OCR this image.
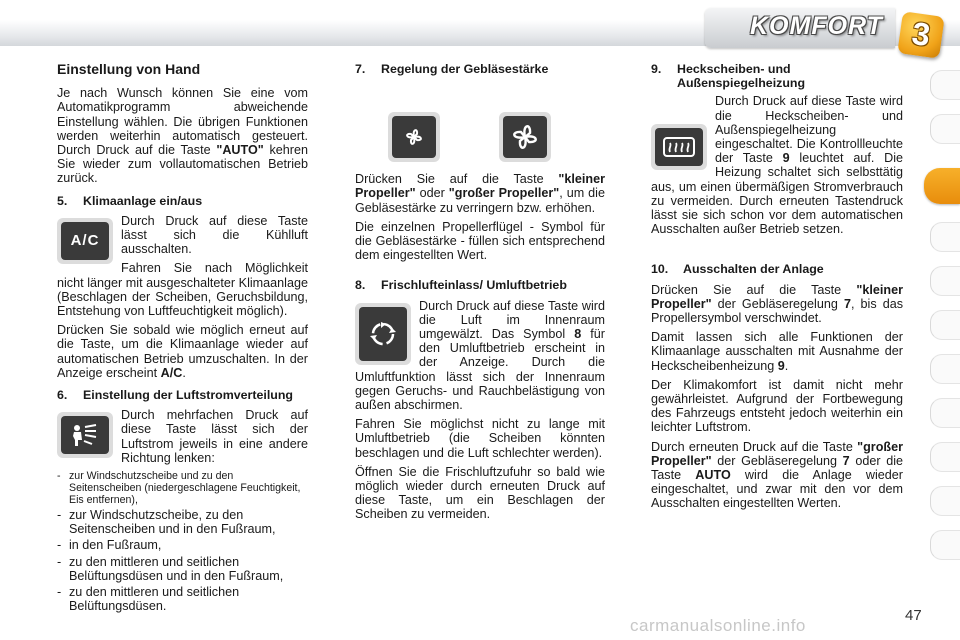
KOMFORT 3
Einstellung von Hand

Je nach Wunsch können Sie eine vom Automatikprogramm abweichende Einstellung wählen. Die übrigen Funktionen werden weiterhin automatisch gesteuert. Durch Druck auf die Taste "AUTO" kehren Sie wieder zum vollautomatischen Betrieb zurück.

5.	Klimaanlage ein/aus
A/C

Durch Druck auf diese Taste lässt sich die Kühlluft ausschalten.

Fahren Sie nach Möglichkeit nicht länger mit ausgeschalteter Klimaanlage (Beschlagen der Scheiben, Geruchsbildung, Entstehung von Luftfeuchtigkeit möglich).

Drücken Sie sobald wie möglich erneut auf die Taste, um die Klimaanlage wieder auf automatischen Betrieb umzuschalten. In der Anzeige erscheint A/C.

6.	Einstellung der Luftstromverteilung

Durch mehrfachen Druck auf diese Taste lässt sich der Luftstrom jeweils in eine andere Richtung lenken:

- zur Windschutzscheibe und zu den Seitenscheiben (niedergeschlagene Feuchtigkeit, Eis entfernen),
- zur Windschutzscheibe, zu den Seitenscheiben und in den Fußraum,
- in den Fußraum,
- zu den mittleren und seitlichen Belüftungsdüsen und in den Fußraum,
- zu den mittleren und seitlichen Belüftungsdüsen.
7.	Regelung der Gebläsestärke

Drücken Sie auf die Taste "kleiner Propeller" oder "großer Propeller", um die Gebläsestärke zu verringern bzw. erhöhen.

Die einzelnen Propellerflügel - Symbol für die Gebläsestärke - füllen sich entsprechend dem eingestellten Wert.

8.	Frischlufteinlass/ Umluftbetrieb

Durch Druck auf diese Taste wird die Luft im Innenraum umgewälzt. Das Symbol 8 für den Umluftbetrieb erscheint in der Anzeige. Durch die Umluftfunktion lässt sich der Innenraum gegen Geruchs- und Rauchbelästigung von außen abschirmen.

Fahren Sie möglichst nicht zu lange mit Umluftbetrieb (die Scheiben könnten beschlagen und die Luft schlechter werden).

Öffnen Sie die Frischluftzufuhr so bald wie möglich wieder durch erneuten Druck auf diese Taste, um ein Beschlagen der Scheiben zu vermeiden.

9.	Heckscheiben- und Außenspiegelheizung

Durch Druck auf diese Taste wird die Heckscheiben- und Außenspiegelheizung eingeschaltet. Die Kontrollleuchte der Taste 9 leuchtet auf. Die Heizung schaltet sich selbsttätig aus, um einen übermäßigen Stromverbrauch zu vermeiden. Durch erneuten Tastendruck lässt sie sich schon vor dem automatischen Ausschalten außer Betrieb setzen.

10.	Ausschalten der Anlage

Drücken Sie auf die Taste "kleiner Propeller" der Gebläseregelung 7, bis das Propellersymbol verschwindet.

Damit lassen sich alle Funktionen der Klimaanlage ausschalten mit Ausnahme der Heckscheibenheizung 9.

Der Klimakomfort ist damit nicht mehr gewährleistet. Aufgrund der Fortbewegung des Fahrzeugs entsteht jedoch weiterhin ein leichter Luftstrom.

Durch erneuten Druck auf die Taste "großer Propeller" der Gebläseregelung 7 oder die Taste AUTO wird die Anlage wieder eingeschaltet, und zwar mit den vor dem Ausschalten eingestellten Werten.

carmanualsonline.info
47
